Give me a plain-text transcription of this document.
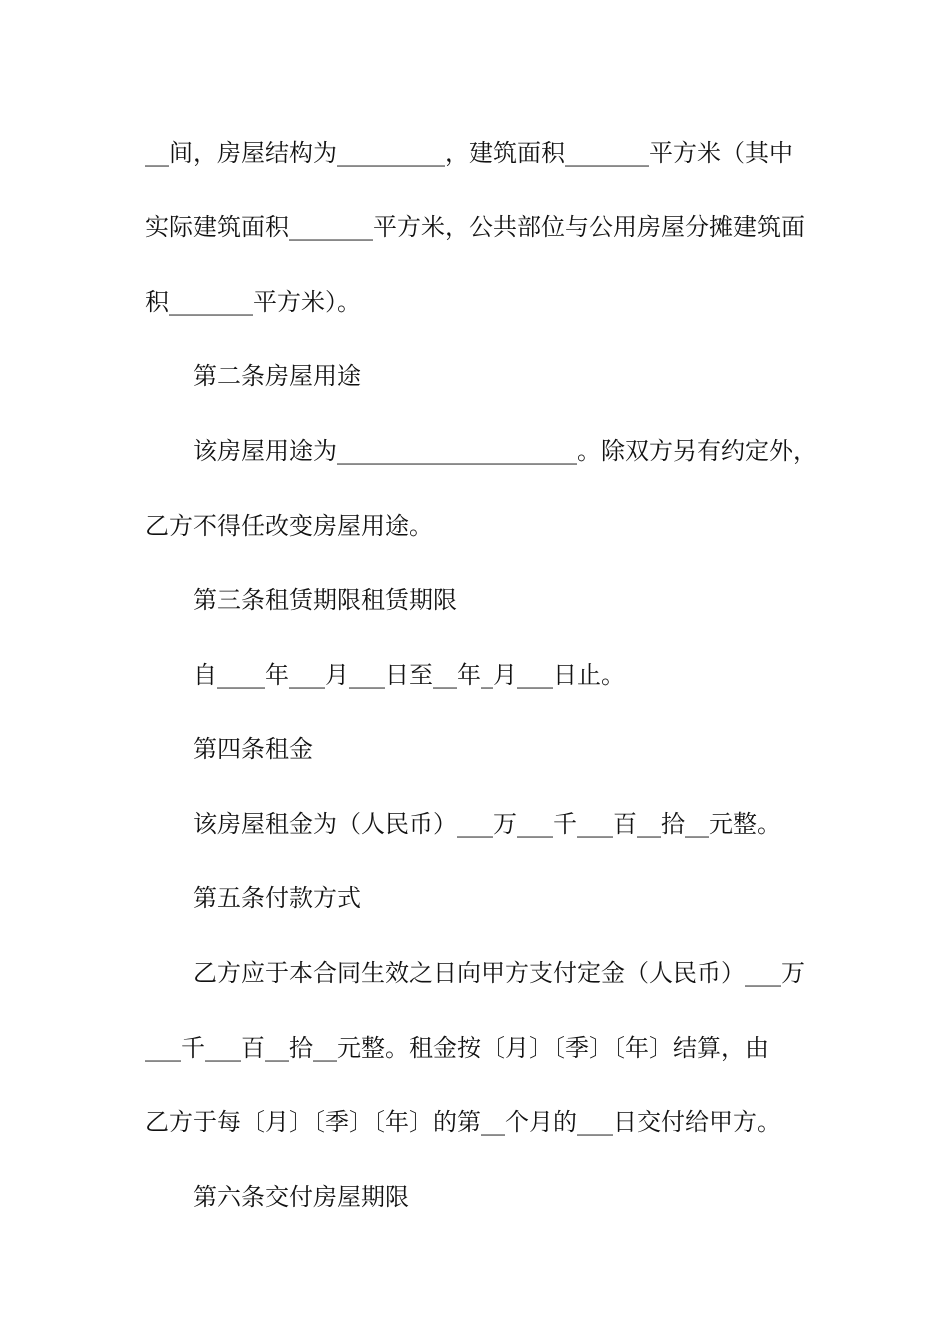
__间，房屋结构为_________，建筑面积_______平方米（其中
实际建筑面积_______平方米，公共部位与公用房屋分摊建筑面
积_______平方米）。
第二条房屋用途
该房屋用途为____________________。除双方另有约定外，
乙方不得任改变房屋用途。
第三条租赁期限租赁期限
自____年___月___日至__年_月___日止。
第四条租金
该房屋租金为（人民币）___万___千___百__拾__元整。
第五条付款方式
乙方应于本合同生效之日向甲方支付定金（人民币）___万
___千___百__拾__元整。租金按〔月〕〔季〕〔年〕结算，由
乙方于每〔月〕〔季〕〔年〕的第__个月的___日交付给甲方。
第六条交付房屋期限
